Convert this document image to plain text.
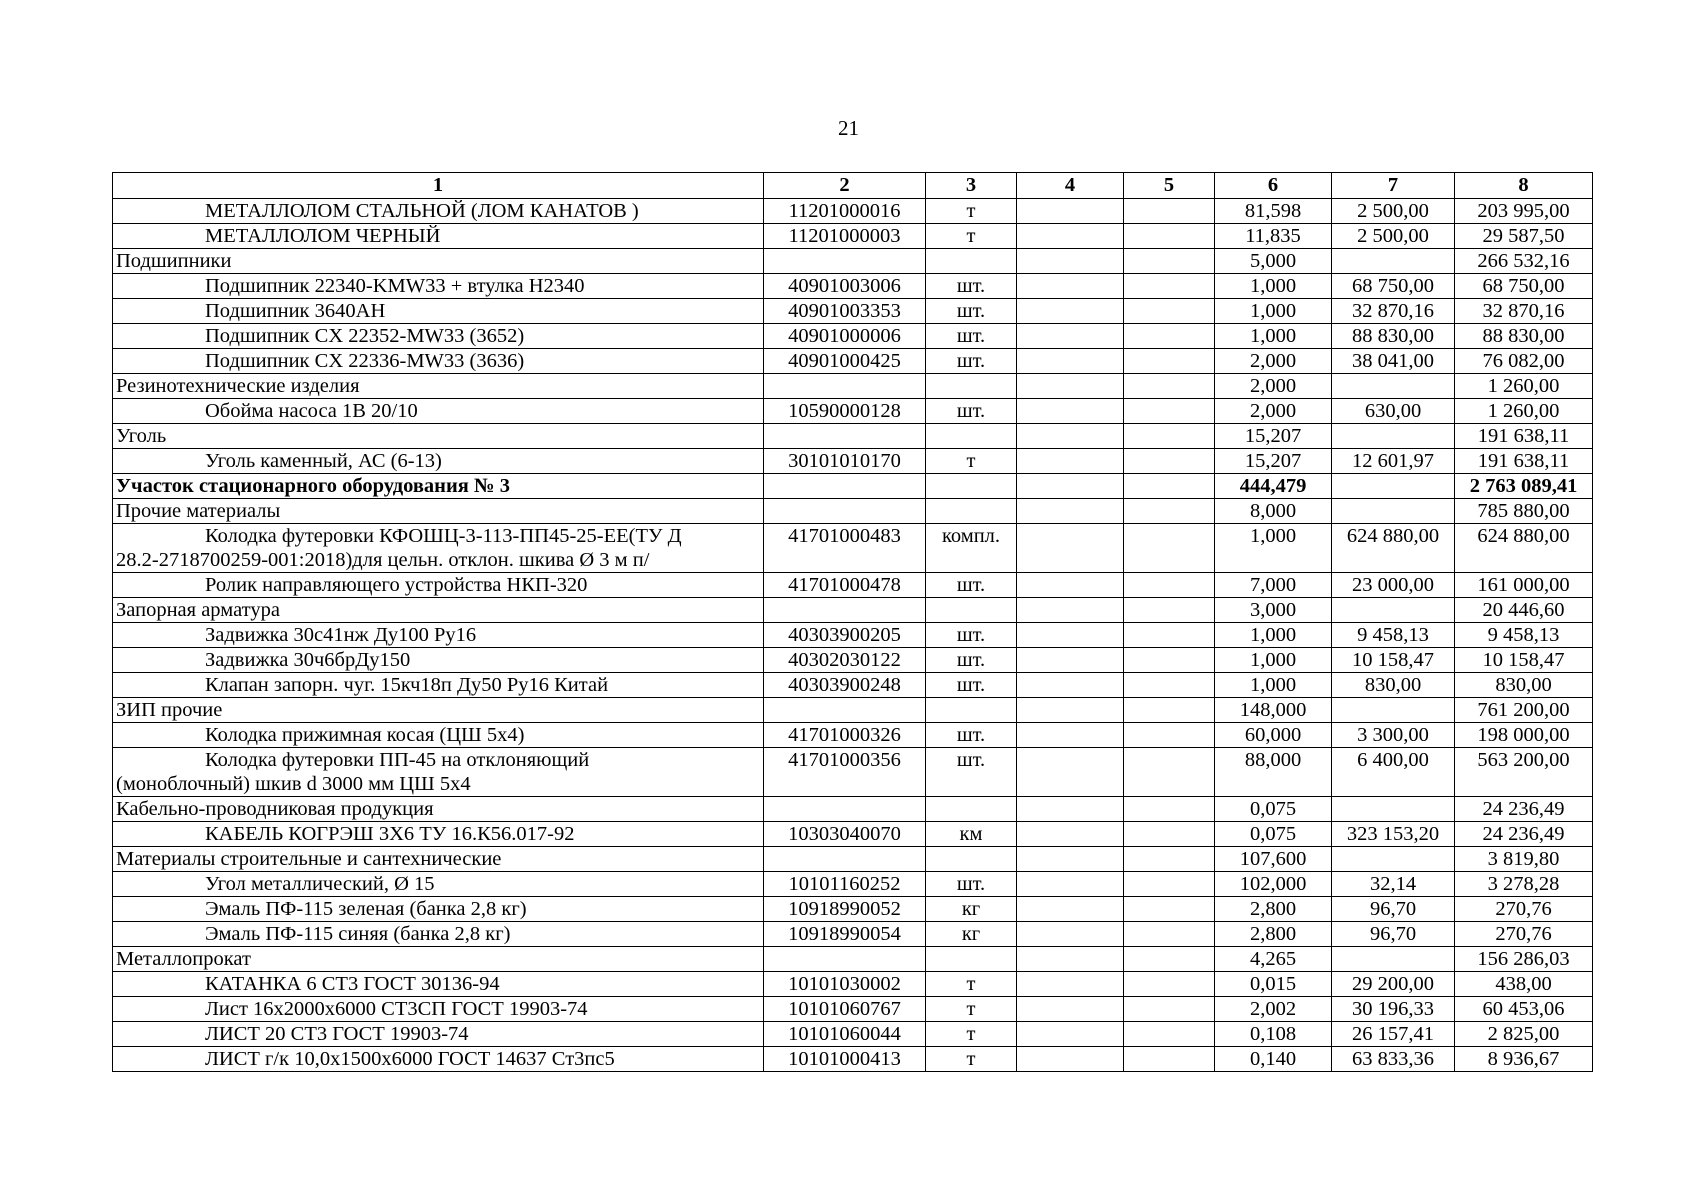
21
1	2	3	4	5	6	7	8
МЕТАЛЛОЛОМ СТАЛЬНОЙ (ЛОМ КАНАТОВ )	11201000016	т			81,598	2 500,00	203 995,00
МЕТАЛЛОЛОМ ЧЕРНЫЙ	11201000003	т			11,835	2 500,00	29 587,50
Подшипники					5,000		266 532,16
Подшипник 22340-KMW33 + втулка H2340	40901003006	шт.			1,000	68 750,00	68 750,00
Подшипник 3640АН	40901003353	шт.			1,000	32 870,16	32 870,16
Подшипник CX 22352-MW33 (3652)	40901000006	шт.			1,000	88 830,00	88 830,00
Подшипник CX 22336-MW33 (3636)	40901000425	шт.			2,000	38 041,00	76 082,00
Резинотехнические изделия					2,000		1 260,00
Обойма насоса 1В 20/10	10590000128	шт.			2,000	630,00	1 260,00
Уголь					15,207		191 638,11
Уголь каменный, АС (6-13)	30101010170	т			15,207	12 601,97	191 638,11
Участок стационарного оборудования № 3					444,479		2 763 089,41
Прочие материалы					8,000		785 880,00

Колодка футеровки КФОШЦ-3-113-ПП45-25-ЕЕ(ТУ Д
28.2-2718700259-001:2018)для цельн. отклон. шкива Ø 3 м п/	41701000483	компл.			1,000	624 880,00	624 880,00
Ролик направляющего устройства НКП-320	41701000478	шт.			7,000	23 000,00	161 000,00
Запорная арматура					3,000		20 446,60
Задвижка 30с41нж Ду100 Ру16	40303900205	шт.			1,000	9 458,13	9 458,13
Задвижка 30ч6брДу150	40302030122	шт.			1,000	10 158,47	10 158,47
Клапан запорн. чуг. 15кч18п Ду50 Ру16 Китай	40303900248	шт.			1,000	830,00	830,00
ЗИП прочие					148,000		761 200,00
Колодка прижимная косая (ЦШ 5х4)	41701000326	шт.			60,000	3 300,00	198 000,00

Колодка футеровки ПП-45 на отклоняющий
(моноблочный) шкив d 3000 мм ЦШ 5х4	41701000356	шт.			88,000	6 400,00	563 200,00
Кабельно-проводниковая продукция					0,075		24 236,49
КАБЕЛЬ КОГРЭШ 3Х6 ТУ 16.К56.017-92	10303040070	км			0,075	323 153,20	24 236,49
Материалы строительные и сантехнические					107,600		3 819,80
Угол металлический, Ø 15	10101160252	шт.			102,000	32,14	3 278,28
Эмаль ПФ-115 зеленая (банка 2,8 кг)	10918990052	кг			2,800	96,70	270,76
Эмаль ПФ-115 синяя (банка 2,8 кг)	10918990054	кг			2,800	96,70	270,76
Металлопрокат					4,265		156 286,03
КАТАНКА 6 СТ3 ГОСТ 30136-94	10101030002	т			0,015	29 200,00	438,00
Лист 16х2000х6000 СТ3СП ГОСТ 19903-74	10101060767	т			2,002	30 196,33	60 453,06
ЛИСТ 20 СТ3 ГОСТ 19903-74	10101060044	т			0,108	26 157,41	2 825,00
ЛИСТ г/к 10,0х1500х6000 ГОСТ 14637 Ст3пс5	10101000413	т			0,140	63 833,36	8 936,67
